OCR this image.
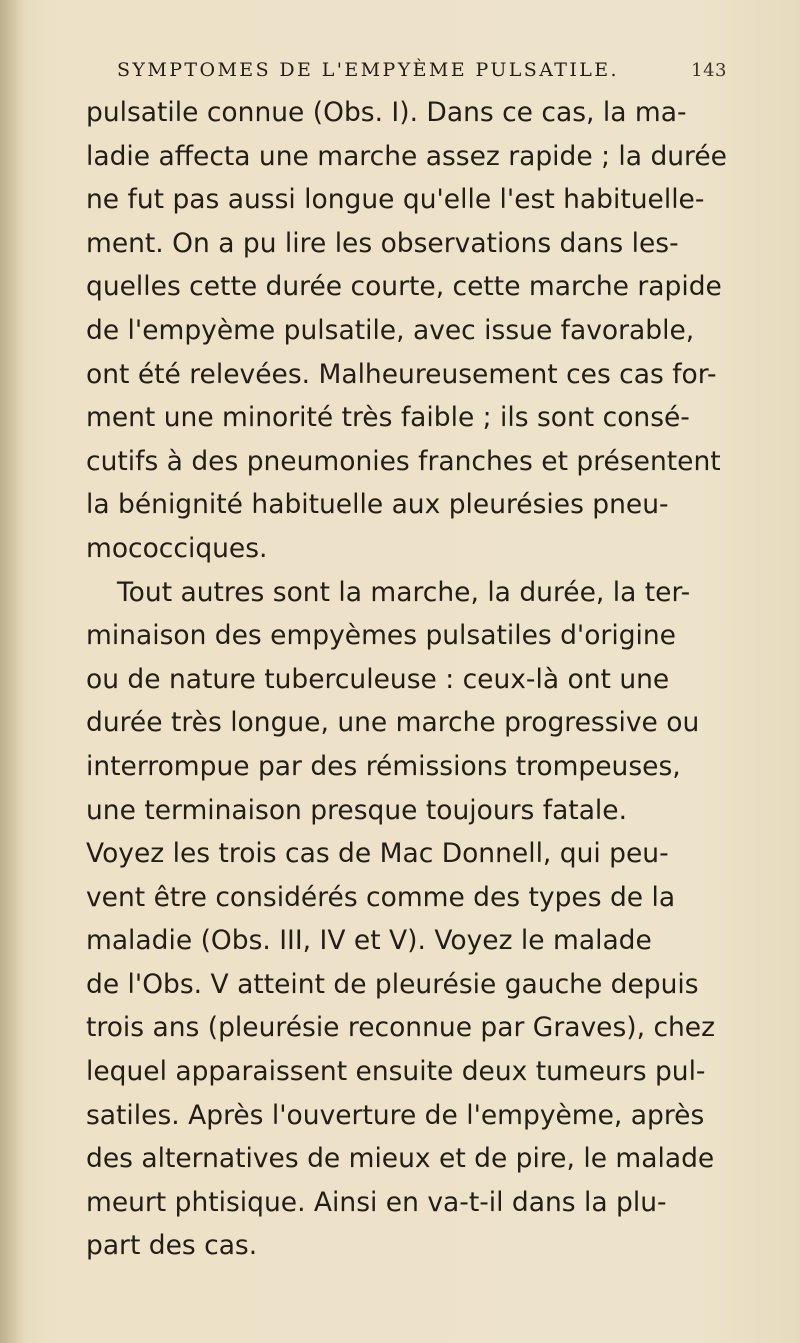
SYMPTOMES DE L'EMPYÈME PULSATILE.	143
pulsatile connue (Obs. I). Dans ce cas, la ma-
ladie affecta une marche assez rapide ; la durée
ne fut pas aussi longue qu'elle l'est habituelle-
ment. On a pu lire les observations dans les-
quelles cette durée courte, cette marche rapide
de l'empyème pulsatile, avec issue favorable,
ont été relevées. Malheureusement ces cas for-
ment une minorité très faible ; ils sont consé-
cutifs à des pneumonies franches et présentent
la bénignité habituelle aux pleurésies pneu-
mococciques.
Tout autres sont la marche, la durée, la ter-
minaison des empyèmes pulsatiles d'origine
ou de nature tuberculeuse : ceux-là ont une
durée très longue, une marche progressive ou
interrompue par des rémissions trompeuses,
une terminaison presque toujours fatale.
Voyez les trois cas de Mac Donnell, qui peu-
vent être considérés comme des types de la
maladie (Obs. III, IV et V). Voyez le malade
de l'Obs. V atteint de pleurésie gauche depuis
trois ans (pleurésie reconnue par Graves), chez
lequel apparaissent ensuite deux tumeurs pul-
satiles. Après l'ouverture de l'empyème, après
des alternatives de mieux et de pire, le malade
meurt phtisique. Ainsi en va-t-il dans la plu-
part des cas.
